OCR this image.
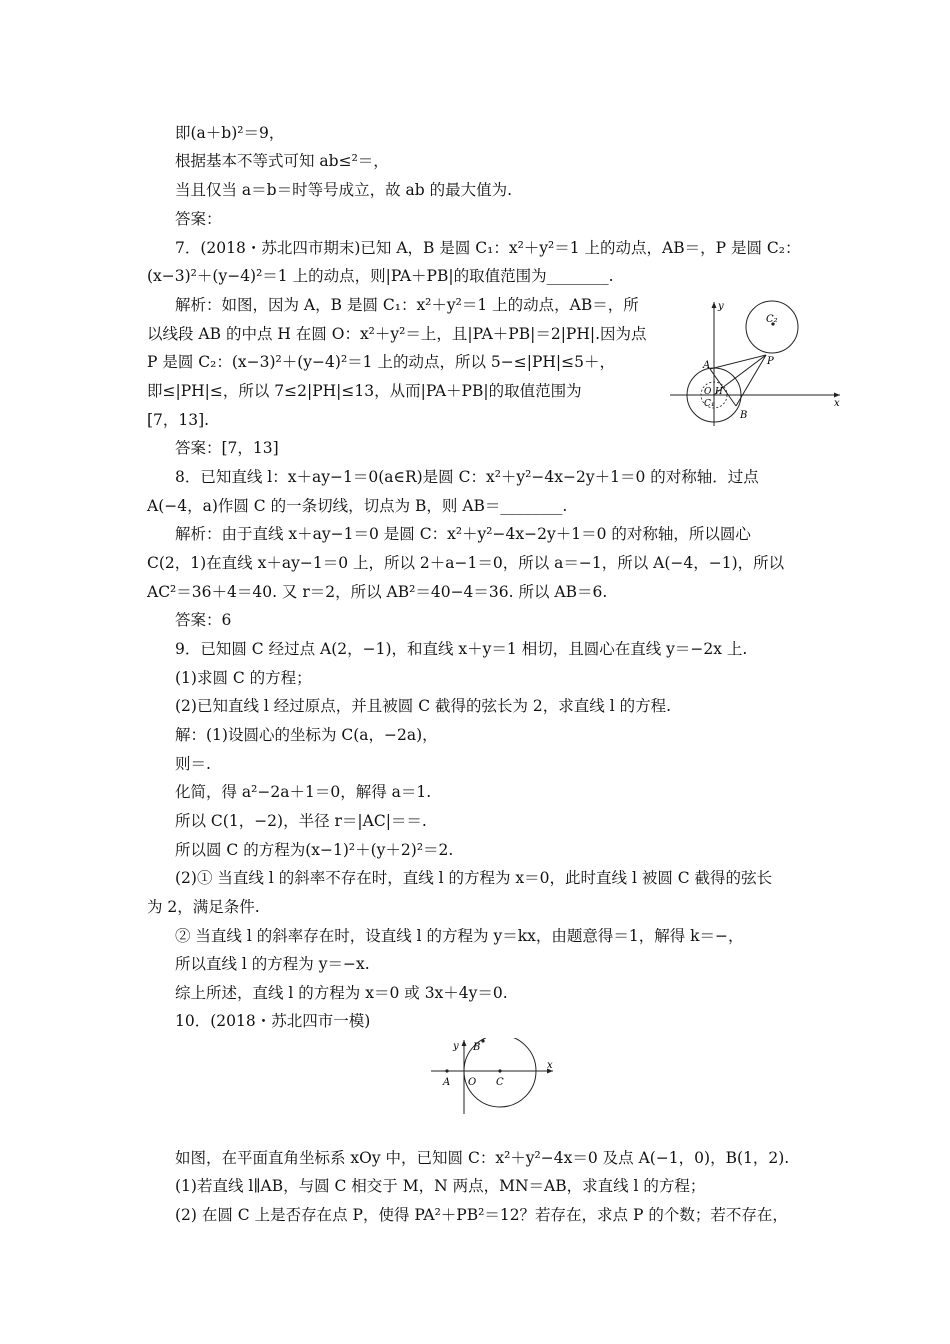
即(a＋b)²＝9，
根据基本不等式可知 ab≤²＝，
当且仅当 a＝b＝时等号成立，故 ab 的最大值为.
答案：
7．(2018・苏北四市期末)已知 A，B 是圆 C₁：x²＋y²＝1 上的动点，AB＝，P 是圆 C₂：
(x−3)²＋(y−4)²＝1 上的动点，则|PA＋PB|的取值范围为________.
解析：如图，因为 A，B 是圆 C₁：x²＋y²＝1 上的动点，AB＝，所
以线段 AB 的中点 H 在圆 O：x²＋y²＝上，且|PA＋PB|＝2|PH|.因为点
P 是圆 C₂：(x−3)²＋(y−4)²＝1 上的动点，所以 5−≤|PH|≤5＋，
即≤|PH|≤，所以 7≤2|PH|≤13，从而|PA＋PB|的取值范围为
[7，13].
答案：[7，13]
8．已知直线 l：x＋ay−1＝0(a∈R)是圆 C：x²＋y²−4x−2y＋1＝0 的对称轴．过点
A(−4，a)作圆 C 的一条切线，切点为 B，则 AB＝________.
解析：由于直线 x＋ay−1＝0 是圆 C：x²＋y²−4x−2y＋1＝0 的对称轴，所以圆心
C(2，1)在直线 x＋ay−1＝0 上，所以 2＋a−1＝0，所以 a＝−1，所以 A(−4，−1)，所以
AC²＝36＋4＝40. 又 r＝2，所以 AB²＝40−4＝36. 所以 AB＝6.
答案：6
9．已知圆 C 经过点 A(2，−1)，和直线 x＋y＝1 相切，且圆心在直线 y＝−2x 上.
(1)求圆 C 的方程；
(2)已知直线 l 经过原点，并且被圆 C 截得的弦长为 2，求直线 l 的方程.
解：(1)设圆心的坐标为 C(a，−2a)，
则＝.
化简，得 a²−2a＋1＝0，解得 a＝1.
所以 C(1，−2)，半径 r＝|AC|＝＝.
所以圆 C 的方程为(x−1)²＋(y＋2)²＝2.
(2)① 当直线 l 的斜率不存在时，直线 l 的方程为 x＝0，此时直线 l 被圆 C 截得的弦长
为 2，满足条件.
② 当直线 l 的斜率存在时，设直线 l 的方程为 y＝kx，由题意得＝1，解得 k＝−，
所以直线 l 的方程为 y＝−x.
综上所述，直线 l 的方程为 x＝0 或 3x＋4y＝0.
10．(2018・苏北四市一模)
如图，在平面直角坐标系 xOy 中，已知圆 C：x²＋y²−4x＝0 及点 A(−1，0)，B(1，2).
(1)若直线 l∥AB，与圆 C 相交于 M，N 两点，MN＝AB，求直线 l 的方程；
(2) 在圆 C 上是否存在点 P，使得 PA²＋PB²＝12？若存在，求点 P 的个数；若不存在，
y
x
C₂
A	P
B
O H
C₁
y
x
B
O
A	C
